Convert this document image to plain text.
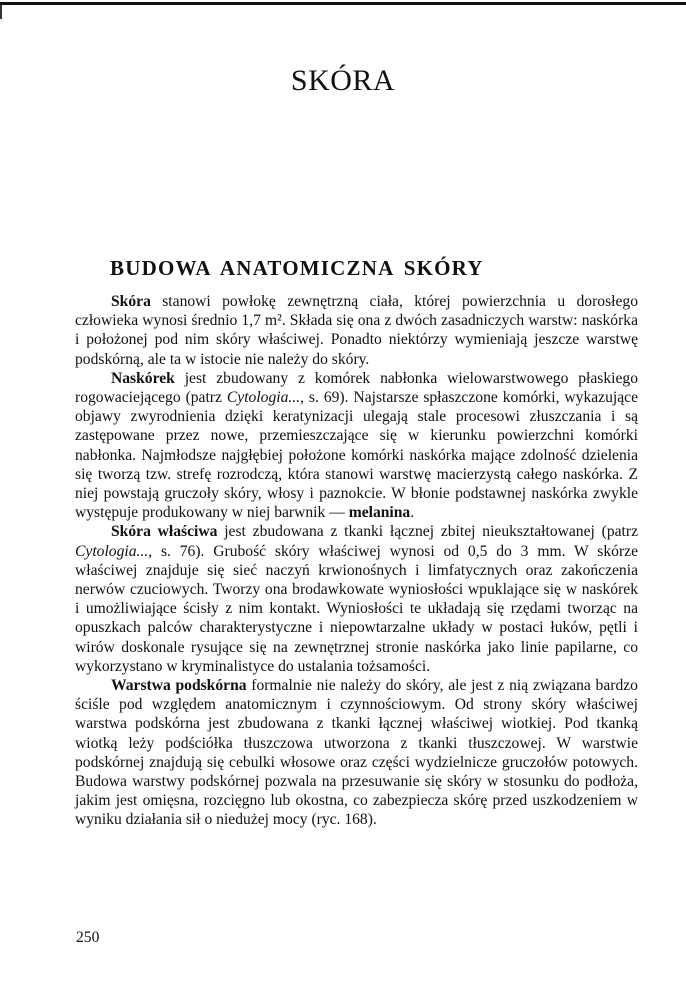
SKÓRA
BUDOWA ANATOMICZNA SKÓRY

Skóra stanowi powłokę zewnętrzną ciała, której powierzchnia u dorosłego człowieka wynosi średnio 1,7 m². Składa się ona z dwóch zasadniczych warstw: naskórka i położonej pod nim skóry właściwej. Ponadto niektórzy wymieniają jeszcze warstwę podskórną, ale ta w istocie nie należy do skóry.

Naskórek jest zbudowany z komórek nabłonka wielowarstwowego płaskiego rogowaciejącego (patrz Cytologia..., s. 69). Najstarsze spłaszczone komórki, wykazujące objawy zwyrodnienia dzięki keratynizacji ulegają stale procesowi złuszczania i są zastępowane przez nowe, przemieszczające się w kierunku powierzchni komórki nabłonka. Najmłodsze najgłębiej położone komórki naskórka mające zdolność dzielenia się tworzą tzw. strefę rozrodczą, która stanowi warstwę macierzystą całego naskórka. Z niej powstają gruczoły skóry, włosy i paznokcie. W błonie podstawnej naskórka zwykle występuje produkowany w niej barwnik — melanina.

Skóra właściwa jest zbudowana z tkanki łącznej zbitej nieukształtowanej (patrz Cytologia..., s. 76). Grubość skóry właściwej wynosi od 0,5 do 3 mm. W skórze właściwej znajduje się sieć naczyń krwionośnych i limfatycznych oraz zakończenia nerwów czuciowych. Tworzy ona brodawkowate wyniosłości wpuklające się w naskórek i umożliwiające ścisły z nim kontakt. Wyniosłości te układają się rzędami tworząc na opuszkach palców charakterystyczne i niepowtarzalne układy w postaci łuków, pętli i wirów doskonale rysujące się na zewnętrznej stronie naskórka jako linie papilarne, co wykorzystano w kryminalistyce do ustalania tożsamości.

Warstwa podskórna formalnie nie należy do skóry, ale jest z nią związana bardzo ściśle pod względem anatomicznym i czynnościowym. Od strony skóry właściwej warstwa podskórna jest zbudowana z tkanki łącznej właściwej wiotkiej. Pod tkanką wiotką leży podściółka tłuszczowa utworzona z tkanki tłuszczowej. W warstwie podskórnej znajdują się cebulki włosowe oraz części wydzielnicze gruczołów potowych. Budowa warstwy podskórnej pozwala na przesuwanie się skóry w stosunku do podłoża, jakim jest omięsna, rozcięgno lub okostna, co zabezpiecza skórę przed uszkodzeniem w wyniku działania sił o niedużej mocy (ryc. 168).

250
